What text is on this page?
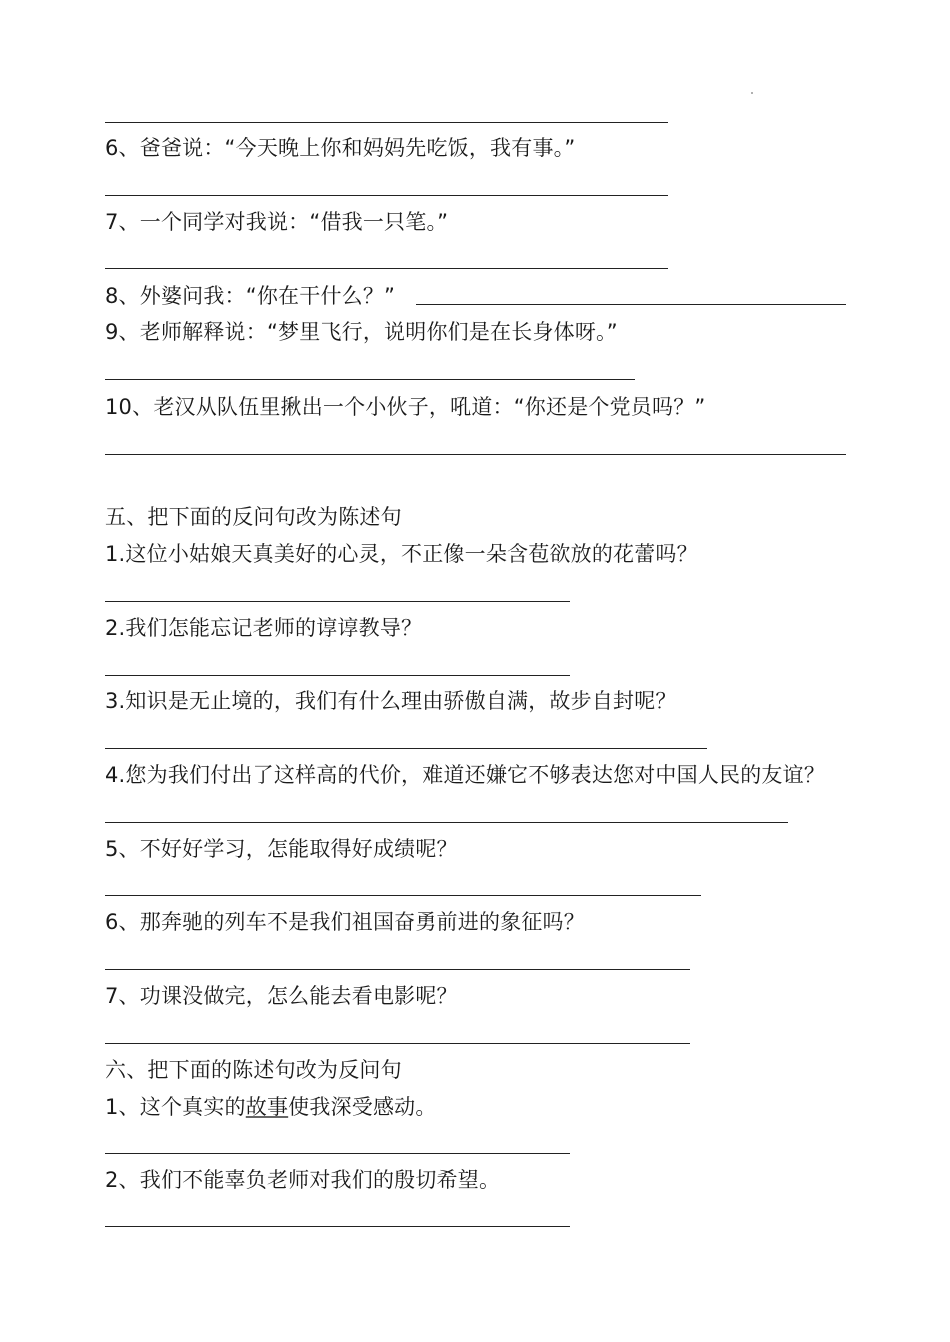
6、爸爸说：“今天晚上你和妈妈先吃饭，我有事。”
7、一个同学对我说：“借我一只笔。”
8、外婆问我：“你在干什么？”
9、老师解释说：“梦里飞行，说明你们是在长身体呀。”
10、老汉从队伍里揪出一个小伙子，吼道：“你还是个党员吗？”
五、把下面的反问句改为陈述句
1.这位小姑娘天真美好的心灵，不正像一朵含苞欲放的花蕾吗？
2.我们怎能忘记老师的谆谆教导？
3.知识是无止境的，我们有什么理由骄傲自满，故步自封呢？
4.您为我们付出了这样高的代价，难道还嫌它不够表达您对中国人民的友谊？
5、不好好学习，怎能取得好成绩呢？
6、那奔驰的列车不是我们祖国奋勇前进的象征吗？
7、功课没做完，怎么能去看电影呢？
六、把下面的陈述句改为反问句
1、这个真实的故事使我深受感动。
2、我们不能辜负老师对我们的殷切希望。
